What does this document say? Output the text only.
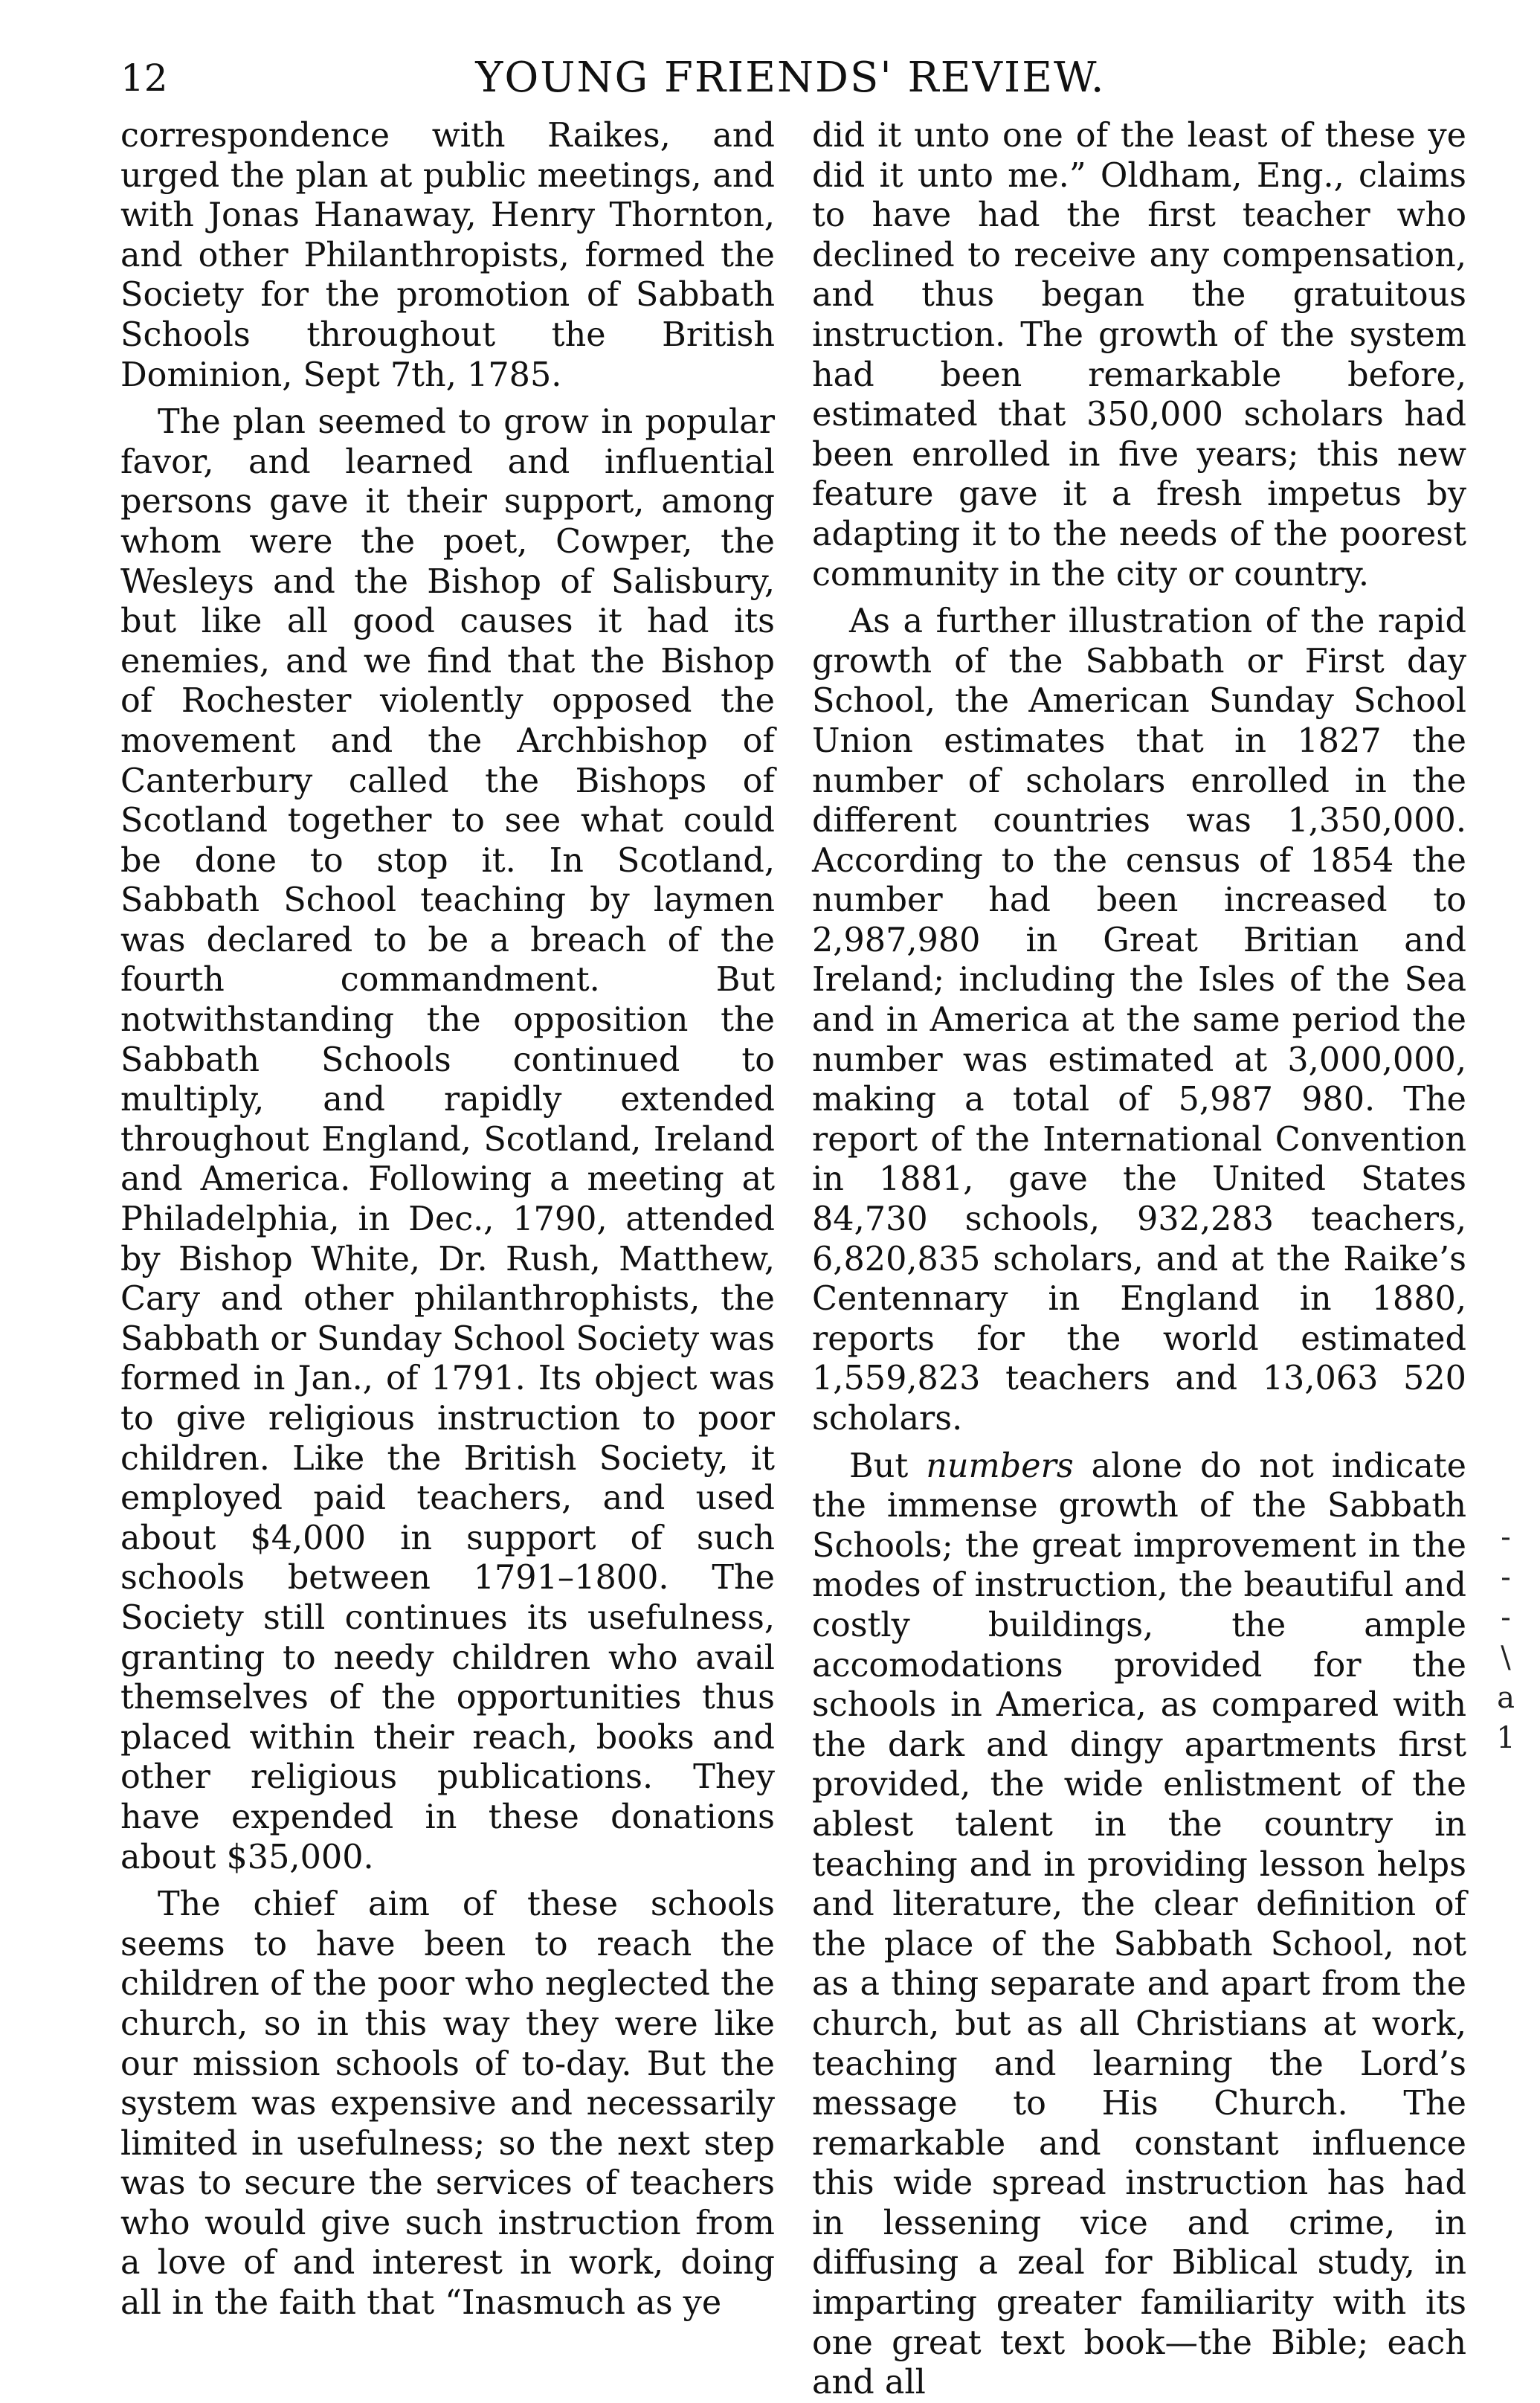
12	YOUNG FRIENDS' REVIEW.

correspondence with Raikes, and urged the plan at public meetings, and with Jonas Hanaway, Henry Thornton, and other Philanthropists, formed the Society for the promotion of Sabbath Schools throughout the British Dominion, Sept 7th, 1785.

The plan seemed to grow in popular favor, and learned and influential persons gave it their support, among whom were the poet, Cowper, the Wesleys and the Bishop of Salisbury, but like all good causes it had its enemies, and we find that the Bishop of Rochester violently opposed the movement and the Archbishop of Canterbury called the Bishops of Scotland together to see what could be done to stop it. In Scotland, Sabbath School teaching by laymen was declared to be a breach of the fourth commandment. But notwithstanding the opposition the Sabbath Schools continued to multiply, and rapidly extended throughout England, Scotland, Ireland and America. Following a meeting at Philadelphia, in Dec., 1790, attended by Bishop White, Dr. Rush, Matthew, Cary and other philanthrophists, the Sabbath or Sunday School Society was formed in Jan., of 1791. Its object was to give religious instruction to poor children. Like the British Society, it employed paid teachers, and used about $4,000 in support of such schools between 1791–1800. The Society still continues its usefulness, granting to needy children who avail themselves of the opportunities thus placed within their reach, books and other religious publications. They have expended in these donations about $35,000.

The chief aim of these schools seems to have been to reach the children of the poor who neglected the church, so in this way they were like our mission schools of to-day. But the system was expensive and necessarily limited in usefulness; so the next step was to secure the services of teachers who would give such instruction from a love of and interest in work, doing all in the faith that “Inasmuch as ye

did it unto one of the least of these ye did it unto me.” Oldham, Eng., claims to have had the first teacher who declined to receive any compensation, and thus began the gratuitous instruction. The growth of the system had been remarkable before, estimated that 350,000 scholars had been enrolled in five years; this new feature gave it a fresh impetus by adapting it to the needs of the poorest community in the city or country.

As a further illustration of the rapid growth of the Sabbath or First day School, the American Sunday School Union estimates that in 1827 the number of scholars enrolled in the different countries was 1,350,000. According to the census of 1854 the number had been increased to 2,987,980 in Great Britian and Ireland; including the Isles of the Sea and in America at the same period the number was estimated at 3,000,000, making a total of 5,987 980. The report of the International Convention in 1881, gave the United States 84,730 schools, 932,283 teachers, 6,820,835 scholars, and at the Raike’s Centennary in England in 1880, reports for the world estimated 1,559,823 teachers and 13,063 520 scholars.

But numbers alone do not indicate the immense growth of the Sabbath Schools; the great improvement in the modes of instruction, the beautiful and costly buildings, the ample accomodations provided for the schools in America, as compared with the dark and dingy apartments first provided, the wide enlistment of the ablest talent in the country in teaching and in providing lesson helps and literature, the clear definition of the place of the Sabbath School, not as a thing separate and apart from the church, but as all Christians at work, teaching and learning the Lord’s message to His Church. The remarkable and constant influence this wide spread instruction has had in lessening vice and crime, in diffusing a zeal for Biblical study, in imparting greater familiarity with its one great text book—the Bible; each and all

-
-
-
\
a
1
